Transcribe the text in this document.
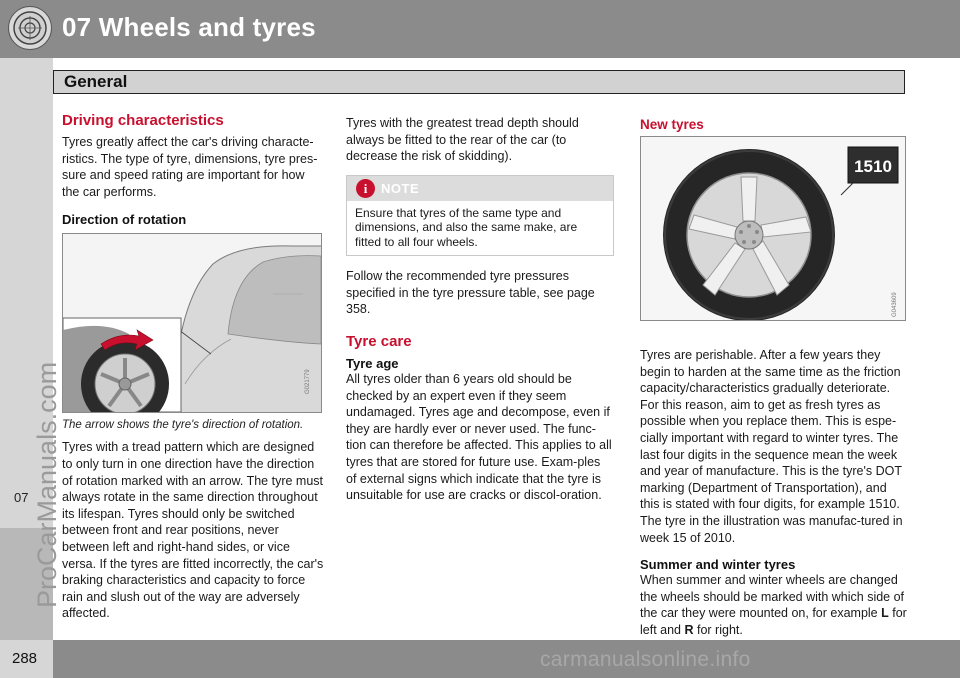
07 Wheels and tyres
ProCarManuals.com
07
General
Driving characteristics

Tyres greatly affect the car's driving characte-ristics. The type of tyre, dimensions, tyre pres-sure and speed rating are important for how the car performs.

Direction of rotation
G021779

The arrow shows the tyre's direction of rotation.

Tyres with a tread pattern which are designed to only turn in one direction have the direction of rotation marked with an arrow. The tyre must always rotate in the same direction throughout its lifespan. Tyres should only be switched between front and rear positions, never between left and right-hand sides, or vice versa. If the tyres are fitted incorrectly, the car's braking characteristics and capacity to force rain and slush out of the way are adversely affected.

Tyres with the greatest tread depth should always be fitted to the rear of the car (to decrease the risk of skidding).

i	NOTE
Ensure that tyres of the same type and dimensions, and also the same make, are fitted to all four wheels.

Follow the recommended tyre pressures specified in the tyre pressure table, see page 358.

Tyre care
Tyre age

All tyres older than 6 years old should be checked by an expert even if they seem undamaged. Tyres age and decompose, even if they are hardly ever or never used. The func-tion can therefore be affected. This applies to all tyres that are stored for future use. Exam-ples of external signs which indicate that the tyre is unsuitable for use are cracks or discol-oration.

New tyres
1510
G043609

Tyres are perishable. After a few years they begin to harden at the same time as the friction capacity/characteristics gradually deteriorate. For this reason, aim to get as fresh tyres as possible when you replace them. This is espe-cially important with regard to winter tyres. The last four digits in the sequence mean the week and year of manufacture. This is the tyre's DOT marking (Department of Transportation), and this is stated with four digits, for example 1510. The tyre in the illustration was manufac-tured in week 15 of 2010.

Summer and winter tyres

When summer and winter wheels are changed the wheels should be marked with which side of the car they were mounted on, for example L for left and R for right.

288	carmanualsonline.info
